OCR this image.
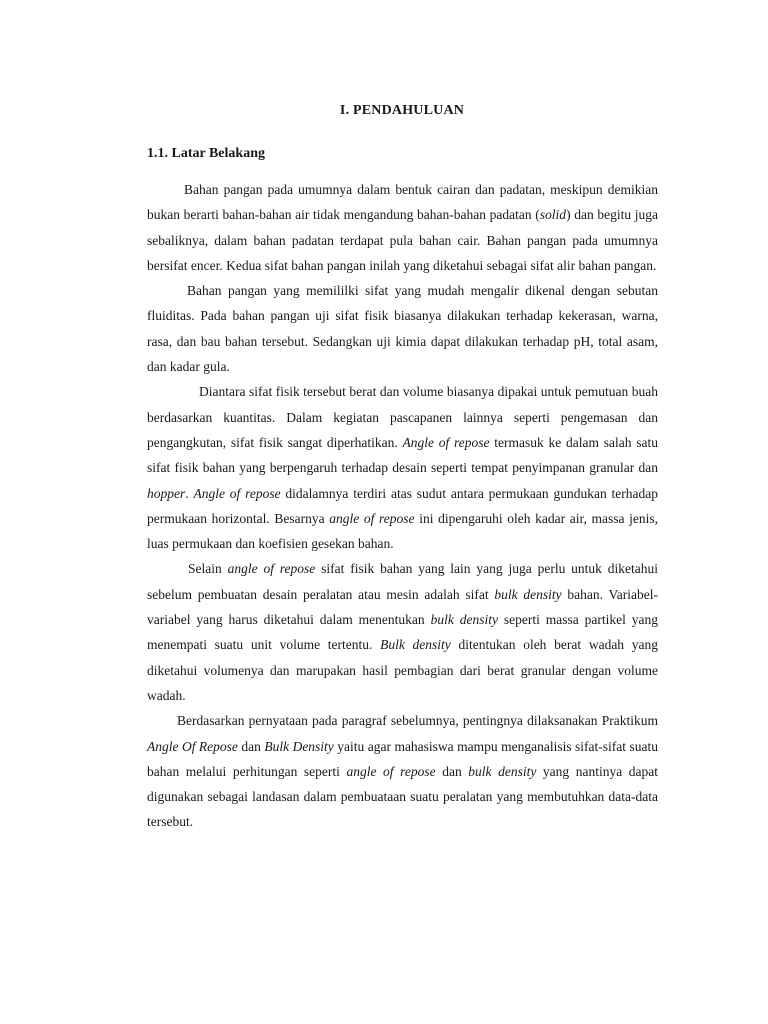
I. PENDAHULUAN
1.1. Latar Belakang

Bahan pangan pada umumnya dalam bentuk cairan dan padatan, meskipun demikian bukan berarti bahan-bahan air tidak mengandung bahan-bahan padatan (solid) dan begitu juga sebaliknya, dalam bahan padatan terdapat pula bahan cair. Bahan pangan pada umumnya bersifat encer. Kedua sifat bahan pangan inilah yang diketahui sebagai sifat alir bahan pangan.

Bahan pangan yang memililki sifat yang mudah mengalir dikenal dengan sebutan fluiditas. Pada bahan pangan uji sifat fisik biasanya dilakukan terhadap kekerasan, warna, rasa, dan bau bahan tersebut. Sedangkan uji kimia dapat dilakukan terhadap pH, total asam, dan kadar gula.

Diantara sifat fisik tersebut berat dan volume biasanya dipakai untuk pemutuan buah berdasarkan kuantitas. Dalam kegiatan pascapanen lainnya seperti pengemasan dan pengangkutan, sifat fisik sangat diperhatikan. Angle of repose termasuk ke dalam salah satu sifat fisik bahan yang berpengaruh terhadap desain seperti tempat penyimpanan granular dan hopper. Angle of repose didalamnya terdiri atas sudut antara permukaan gundukan terhadap permukaan horizontal. Besarnya angle of repose ini dipengaruhi oleh kadar air, massa jenis, luas permukaan dan koefisien gesekan bahan.

Selain angle of repose sifat fisik bahan yang lain yang juga perlu untuk diketahui sebelum pembuatan desain peralatan atau mesin adalah sifat bulk density bahan. Variabel-variabel yang harus diketahui dalam menentukan bulk density seperti massa partikel yang menempati suatu unit volume tertentu. Bulk density ditentukan oleh berat wadah yang diketahui volumenya dan marupakan hasil pembagian dari berat granular dengan volume wadah.

Berdasarkan pernyataan pada paragraf sebelumnya, pentingnya dilaksanakan Praktikum Angle Of Repose dan Bulk Density yaitu agar mahasiswa mampu menganalisis sifat-sifat suatu bahan melalui perhitungan seperti angle of repose dan bulk density yang nantinya dapat digunakan sebagai landasan dalam pembuataan suatu peralatan yang membutuhkan data-data tersebut.
